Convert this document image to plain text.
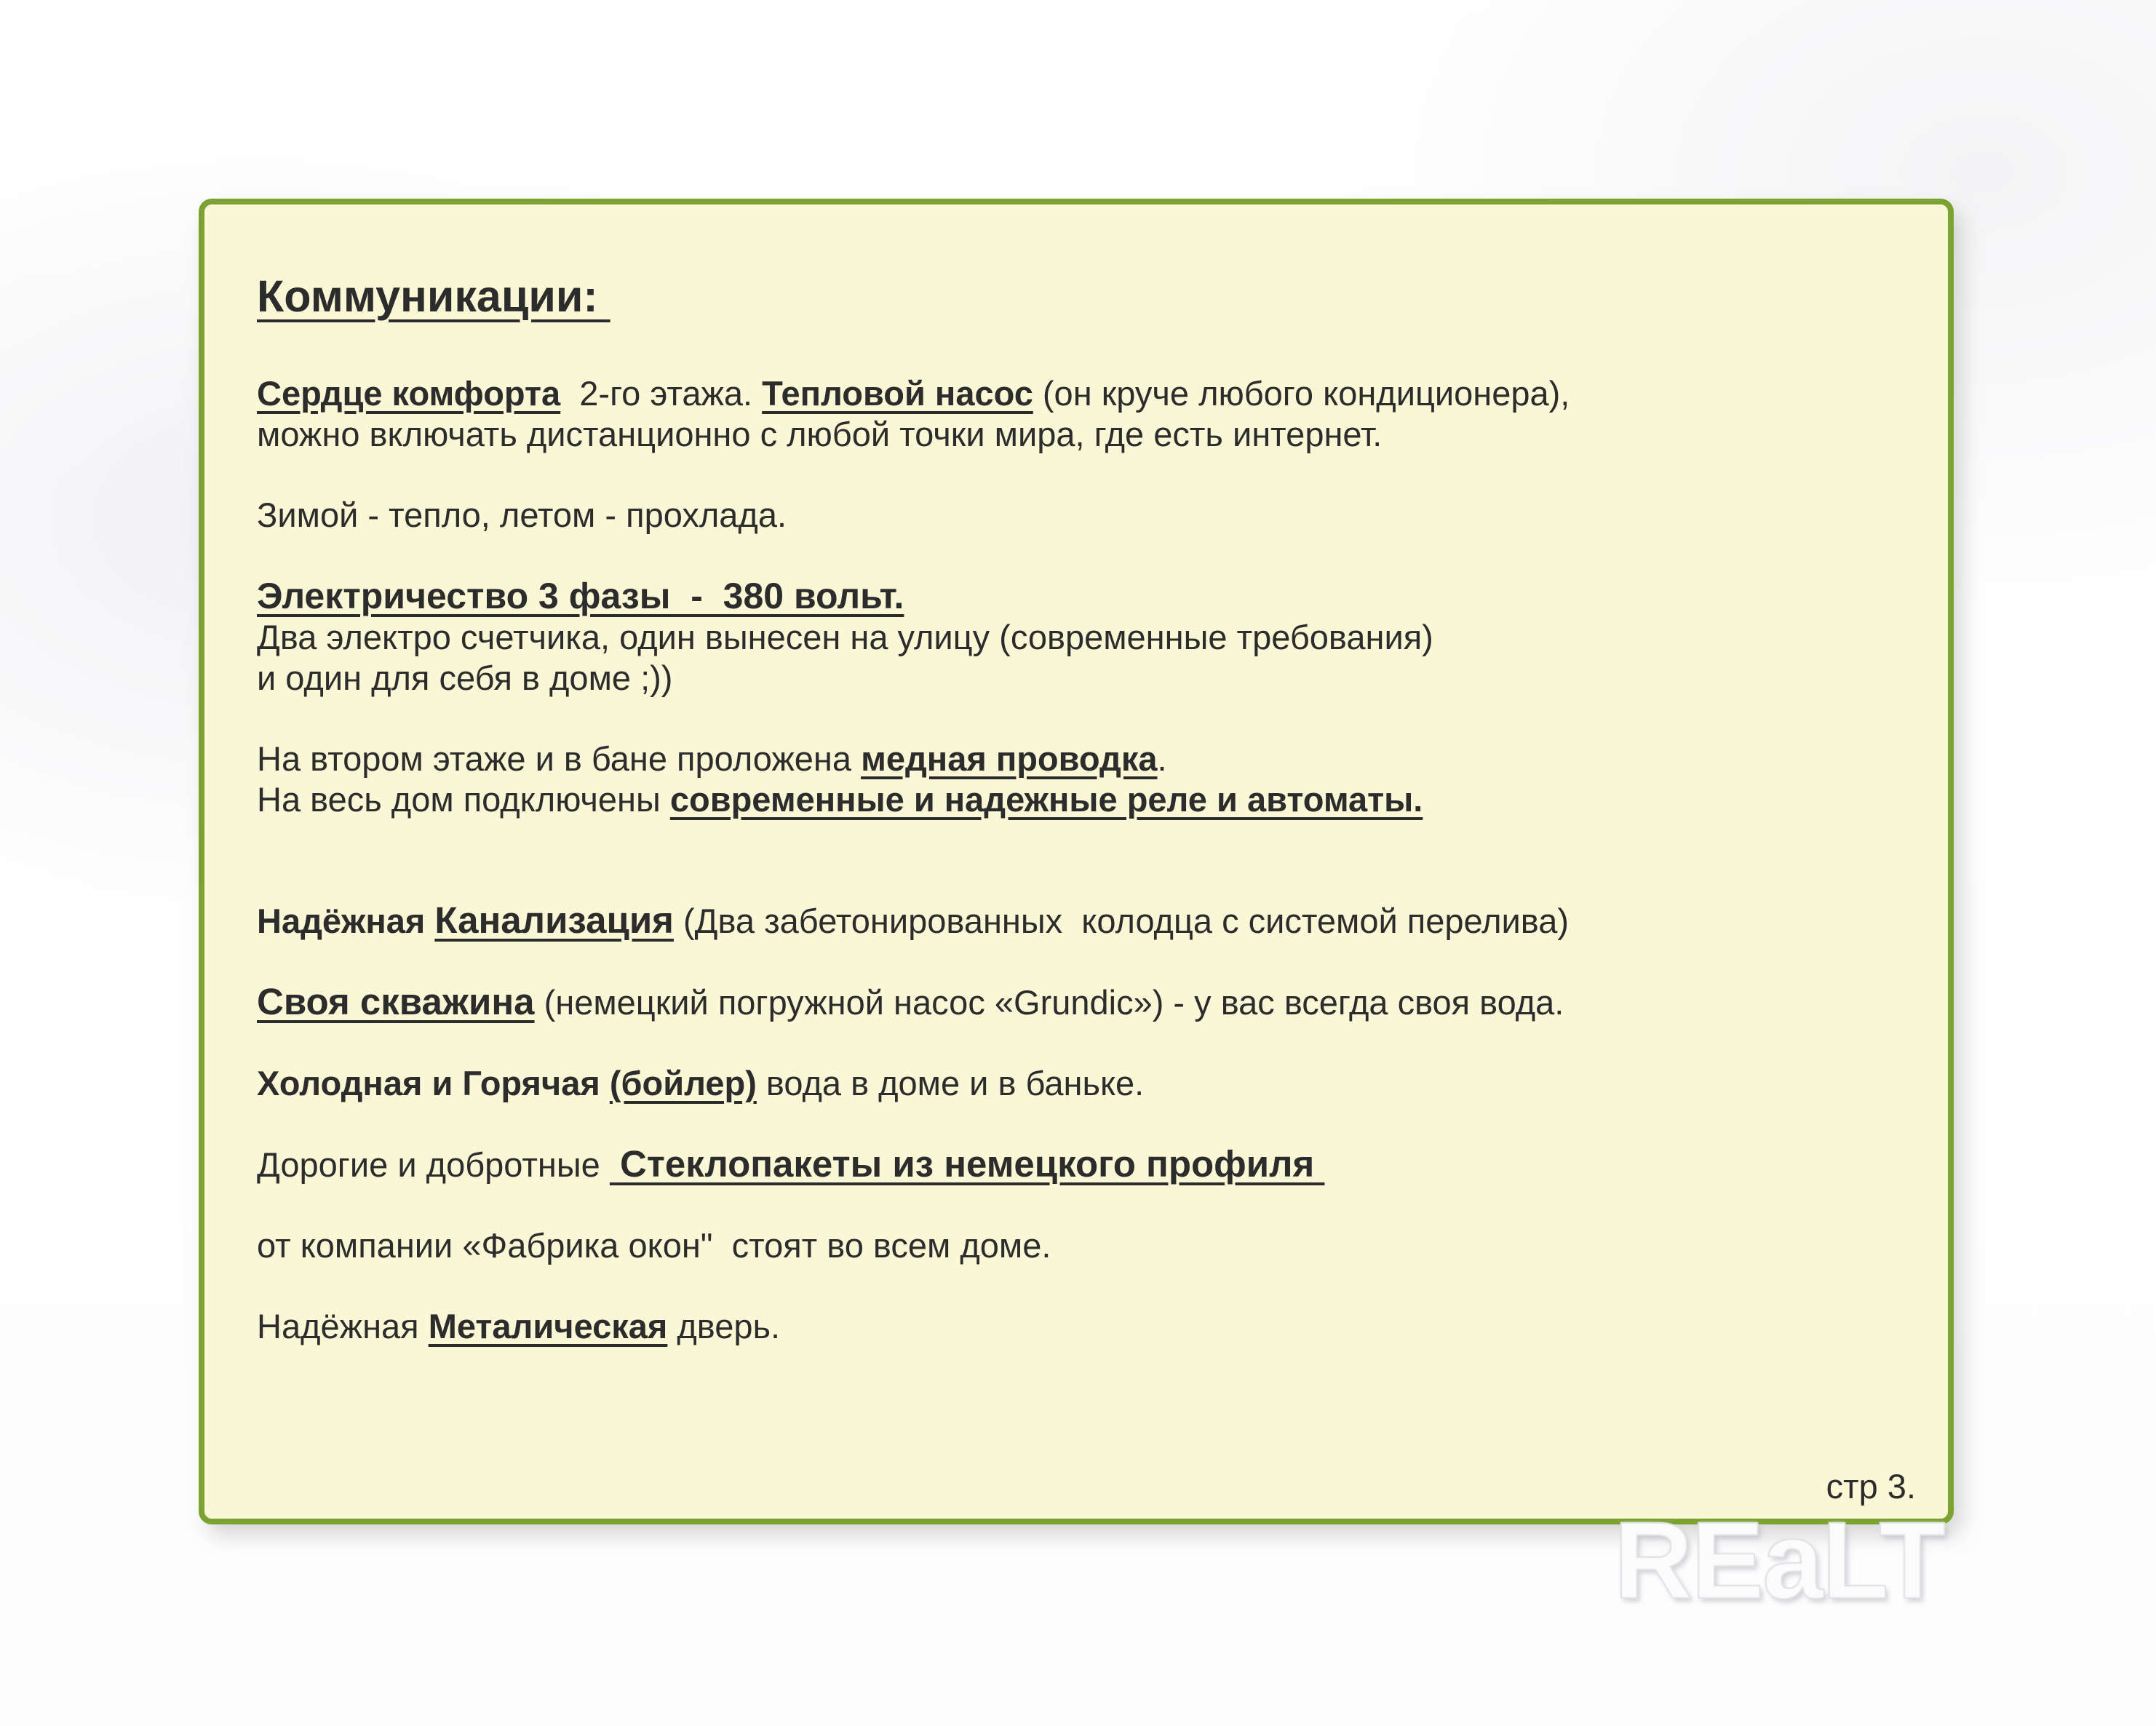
Коммуникации:
Сердце комфорта  2-го этажа. Тепловой насос (он круче любого кондиционера),
можно включать дистанционно с любой точки мира, где есть интернет.
Зимой - тепло, летом - прохлада.
Электричество 3 фазы  -  380 вольт.
Два электро счетчика, один вынесен на улицу (современные требования)
и один для себя в доме ;))
На втором этаже и в бане проложена медная проводка.
На весь дом подключены современные и надежные реле и автоматы.
Надёжная Канализация (Два забетонированных  колодца с системой перелива)
Своя скважина (немецкий погружной насос «Grundic») - у вас всегда своя вода.
Холодная и Горячая (бойлер) вода в доме и в баньке.
Дорогие и добротные  Стеклопакеты из немецкого профиля
от компании «Фабрика окон"  стоят во всем доме.
Надёжная Металическая дверь.
стр 3.
REaLT
